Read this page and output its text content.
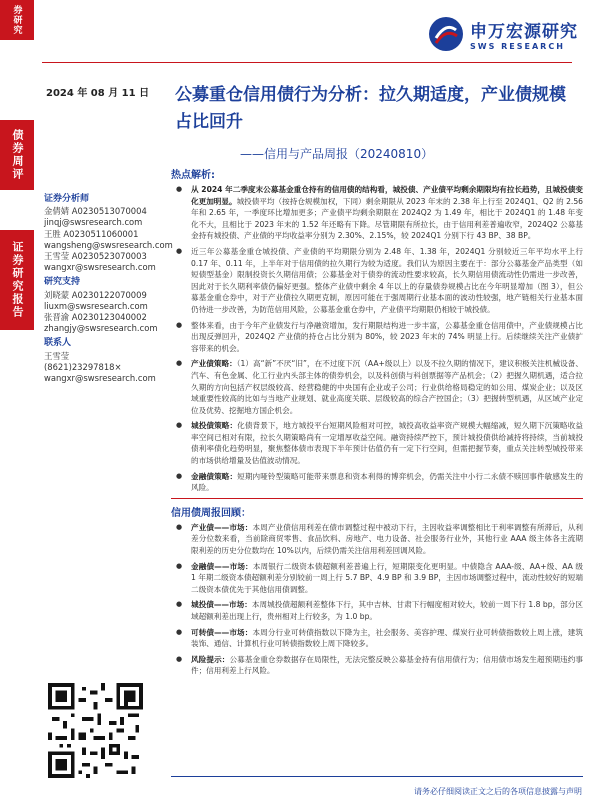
券研究
债券周评
证券研究报告
申万宏源研究
SWS RESEARCH
2024 年 08 月 11 日 公募重仓信用债行为分析：拉久期适度，产业债规模占比回升
——信用与产品周报（20240810）
证券分析师
金倩婧 A0230513070004
jinqj@swsresearch.com
王胜 A0230511060001
wangsheng@swsresearch.com
王雪莹 A0230523070003
wangxr@swsresearch.com
研究支持
刘晓蒙 A0230122070009
liuxm@swsresearch.com
张晋渝 A0230123040002
zhangjy@swsresearch.com
联系人
王雪莹
(8621)23297818×
wangxr@swsresearch.com
热点解析:
● 从 2024 年二季度末公募基金重仓持有的信用债的结构看，城投债、产业债平均剩余期限均有拉长趋势，且城投债变化更加明显。城投债平均（按持仓规模加权，下同）剩余期限从 2023 年末的 2.38 年上行至 2024Q1、Q2 的 2.56 年和 2.65 年，一季度环比增加更多；产业债平均剩余期限在 2024Q2 为 1.49 年，相比于 2024Q1 的 1.48 年变化不大，且相比于 2023 年末的 1.52 年还略有下降。尽管期限有所拉长，由于信用利差普遍收窄，2024Q2 公募基金持有城投债、产业债的平均收益率分别为 2.30%、2.15%，较 2024Q1 分别下行 43 BP、38 BP。
● 近三年公募基金重仓城投债、产业债的平均期限分别为 2.48 年、1.38 年，2024Q1 分别较近三年平均水平上行 0.17 年、0.11 年，上半年对于信用债的拉久期行为较为适度。我们认为原因主要在于：部分公募基金产品类型（如短债型基金）限制投资长久期信用债；公募基金对于债券的流动性要求较高，长久期信用债流动性仍需进一步改善，因此对于长久期利率债仍偏好更强。整体产业债中剩余 4 年以上的存量债券规模占比在今年明显增加（图 3），但公募基金重仓券中，对于产业债拉久期更克制，原因可能在于强周期行业基本面的波动性较强，地产链相关行业基本面仍待进一步改善，为防范信用风险，公募基金重仓券中，产业债平均期限仍相较于城投债。
● 整体来看，由于今年产业债发行与净融资增加，发行期限结构进一步丰富，公募基金重仓信用债中，产业债规模占比出现反弹回升，2024Q2 产业债的持仓占比分别为 80%，较 2023 年末的 74% 明显上行。后续继续关注产业债扩容带来的机会。
● 产业债策略：（1）高“新”不厌“旧”，在不过度下沉（AA+级以上）以及不拉久期的情况下，建议积极关注机械设备、汽车、有色金属、化工行业内头部主体的债券机会，以及科创债与科创票据等产品机会；（2）把握久期机遇，适合拉久期的方向包括产权层级较高、经营稳健的中央国有企业或子公司；行业供给格局稳定的如公用、煤炭企业；以及区域重要性较高的比如与当地产业规划、就业高度关联、层级较高的综合产控国企；（3）把握转型机遇，从区域产业定位及优势、挖掘地方国企机会。
● 城投债策略：化债背景下，地方城投平台短期风险相对可控，城投高收益率资产规模大幅缩减，短久期下沉策略收益率空间已相对有限，拉长久期策略尚有一定增厚收益空间。融资持续严控下，预计城投债供给减持将持续，当前城投债利率债化趋势明显，聚焦整体债市表现下半年预计估值仍有一定下行空间，但需把握节奏，重点关注转型城投带来的市场供给增量及估值波动情况。
● 金融债策略：短期内哑铃型策略可能带来票息和资本利得的博弈机会，仍需关注中小行二永债不赎回事件敏感发生的风险。
信用债周报回顾：
● 产业债——市场：本周产业债信用利差在债市调整过程中被动下行，主因收益率调整相比于利率调整有所滞后，从利差分位数来看，当前除商贸零售、食品饮料、房地产、电力设备、社会服务行业外，其他行业 AAA 级主体各主流期限利差的历史分位数均在 10%以内，后续仍需关注信用利差回调风险。
● 金融债——市场：本周银行二级资本债超额利差普遍上行，短期限变化更明显。中债隐含 AAA-级、AA+级、AA 级 1 年期二级资本债超额利差分别较前一周上行 5.7 BP、4.9 BP 和 3.9 BP，主因市场调整过程中，流动性较好的短端二级资本债优先于其他信用债调整。
● 城投债——市场：本周城投债超额利差整体下行，其中吉林、甘肃下行幅度相对较大，较前一周下行 1.8 bp，部分区域超额利差出现上行，贵州相对上行较多，为 1.0 bp。
● 可转债——市场：本周分行业可转债指数以下降为主，社会服务、美容护理、煤炭行业可转债指数较上周上涨，建筑装饰、通信、计算机行业可转债指数较上周下降较多。
● 风险提示：公募基金重仓券数据存在局限性，无法完整反映公募基金持有信用债行为；信用债市场发生超预期违约事件；信用利差上行风险。
请务必仔细阅读正文之后的各项信息披露与声明
